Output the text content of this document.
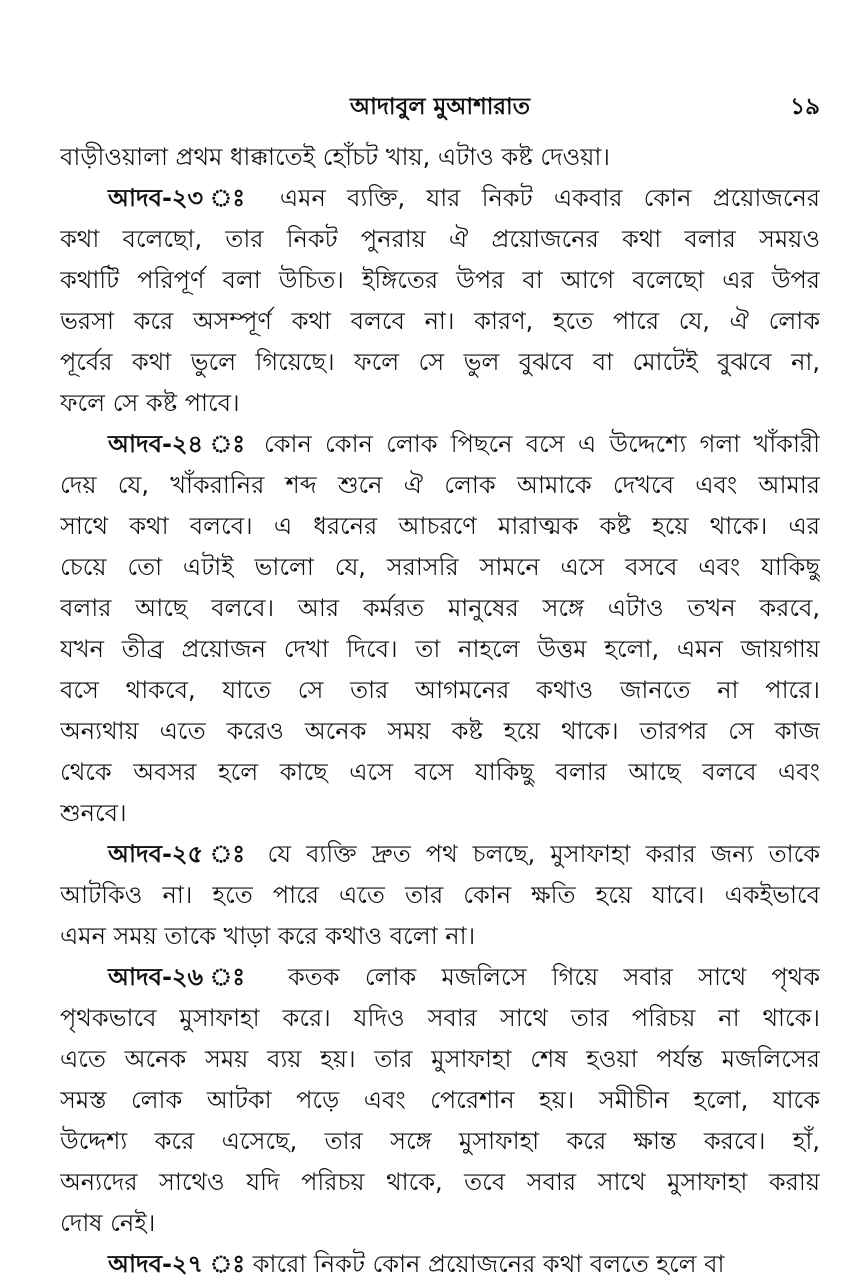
আদাবুল মুআশারাত	১৯
বাড়ীওয়ালা প্রথম ধাক্কাতেই হোঁচট খায়, এটাও কষ্ট দেওয়া।
আদব-২৩ ঃ এমন ব্যক্তি, যার নিকট একবার কোন প্রয়োজনের
কথা বলেছো, তার নিকট পুনরায় ঐ প্রয়োজনের কথা বলার সময়ও
কথাটি পরিপূর্ণ বলা উচিত। ইঙ্গিতের উপর বা আগে বলেছো এর উপর
ভরসা করে অসম্পূর্ণ কথা বলবে না। কারণ, হতে পারে যে, ঐ লোক
পূর্বের কথা ভুলে গিয়েছে। ফলে সে ভুল বুঝবে বা মোটেই বুঝবে না,
ফলে সে কষ্ট পাবে।
আদব-২৪ ঃ কোন কোন লোক পিছনে বসে এ উদ্দেশ্যে গলা খাঁকারী
দেয় যে, খাঁকরানির শব্দ শুনে ঐ লোক আমাকে দেখবে এবং আমার
সাথে কথা বলবে। এ ধরনের আচরণে মারাত্মক কষ্ট হয়ে থাকে। এর
চেয়ে তো এটাই ভালো যে, সরাসরি সামনে এসে বসবে এবং যাকিছু
বলার আছে বলবে। আর কর্মরত মানুষের সঙ্গে এটাও তখন করবে,
যখন তীব্র প্রয়োজন দেখা দিবে। তা নাহলে উত্তম হলো, এমন জায়গায়
বসে থাকবে, যাতে সে তার আগমনের কথাও জানতে না পারে।
অন্যথায় এতে করেও অনেক সময় কষ্ট হয়ে থাকে। তারপর সে কাজ
থেকে অবসর হলে কাছে এসে বসে যাকিছু বলার আছে বলবে এবং
শুনবে।
আদব-২৫ ঃ যে ব্যক্তি দ্রুত পথ চলছে, মুসাফাহা করার জন্য তাকে
আটকিও না। হতে পারে এতে তার কোন ক্ষতি হয়ে যাবে। একইভাবে
এমন সময় তাকে খাড়া করে কথাও বলো না।
আদব-২৬ ঃ কতক লোক মজলিসে গিয়ে সবার সাথে পৃথক
পৃথকভাবে মুসাফাহা করে। যদিও সবার সাথে তার পরিচয় না থাকে।
এতে অনেক সময় ব্যয় হয়। তার মুসাফাহা শেষ হওয়া পর্যন্ত মজলিসের
সমস্ত লোক আটকা পড়ে এবং পেরেশান হয়। সমীচীন হলো, যাকে
উদ্দেশ্য করে এসেছে, তার সঙ্গে মুসাফাহা করে ক্ষান্ত করবে। হাঁ,
অন্যদের সাথেও যদি পরিচয় থাকে, তবে সবার সাথে মুসাফাহা করায়
দোষ নেই।
আদব-২৭ ঃ কারো নিকট কোন প্রয়োজনের কথা বলতে হলে বা
